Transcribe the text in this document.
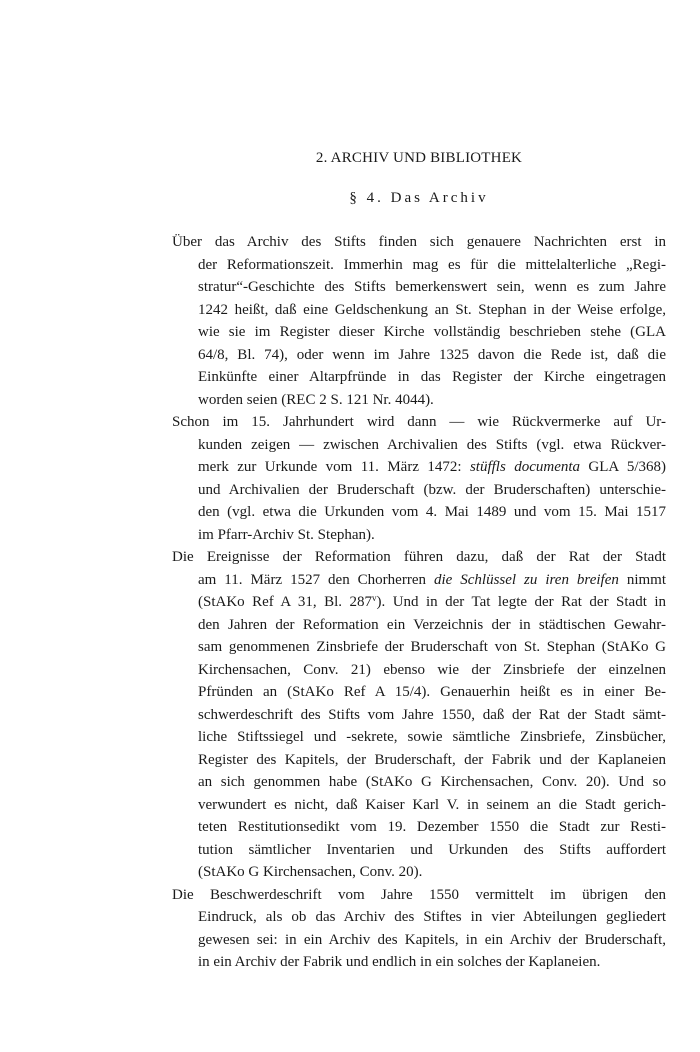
2. ARCHIV UND BIBLIOTHEK
§ 4. Das Archiv

Über das Archiv des Stifts finden sich genauere Nachrichten erst in
der Reformationszeit. Immerhin mag es für die mittelalterliche „Regi-
stratur“-Geschichte des Stifts bemerkenswert sein, wenn es zum Jahre
1242 heißt, daß eine Geldschenkung an St. Stephan in der Weise erfolge,
wie sie im Register dieser Kirche vollständig beschrieben stehe (GLA
64/8, Bl. 74), oder wenn im Jahre 1325 davon die Rede ist, daß die
Einkünfte einer Altarpfründe in das Register der Kirche eingetragen
worden seien (REC 2 S. 121 Nr. 4044).

Schon im 15. Jahrhundert wird dann — wie Rückvermerke auf Ur-
kunden zeigen — zwischen Archivalien des Stifts (vgl. etwa Rückver-
merk zur Urkunde vom 11. März 1472: stüffls documenta GLA 5/368)
und Archivalien der Bruderschaft (bzw. der Bruderschaften) unterschie-
den (vgl. etwa die Urkunden vom 4. Mai 1489 und vom 15. Mai 1517
im Pfarr-Archiv St. Stephan).

Die Ereignisse der Reformation führen dazu, daß der Rat der Stadt
am 11. März 1527 den Chorherren die Schlüssel zu iren breifen nimmt
(StAKo Ref A 31, Bl. 287$^v$). Und in der Tat legte der Rat der Stadt in
den Jahren der Reformation ein Verzeichnis der in städtischen Gewahr-
sam genommenen Zinsbriefe der Bruderschaft von St. Stephan (StAKo G
Kirchensachen, Conv. 21) ebenso wie der Zinsbriefe der einzelnen
Pfründen an (StAKo Ref A 15/4). Genauerhin heißt es in einer Be-
schwerdeschrift des Stifts vom Jahre 1550, daß der Rat der Stadt sämt-
liche Stiftssiegel und -sekrete, sowie sämtliche Zinsbriefe, Zinsbücher,
Register des Kapitels, der Bruderschaft, der Fabrik und der Kaplaneien
an sich genommen habe (StAKo G Kirchensachen, Conv. 20). Und so
verwundert es nicht, daß Kaiser Karl V. in seinem an die Stadt gerich-
teten Restitutionsedikt vom 19. Dezember 1550 die Stadt zur Resti-
tution sämtlicher Inventarien und Urkunden des Stifts auffordert
(StAKo G Kirchensachen, Conv. 20).

Die Beschwerdeschrift vom Jahre 1550 vermittelt im übrigen den
Eindruck, als ob das Archiv des Stiftes in vier Abteilungen gegliedert
gewesen sei: in ein Archiv des Kapitels, in ein Archiv der Bruderschaft,
in ein Archiv der Fabrik und endlich in ein solches der Kaplaneien.
